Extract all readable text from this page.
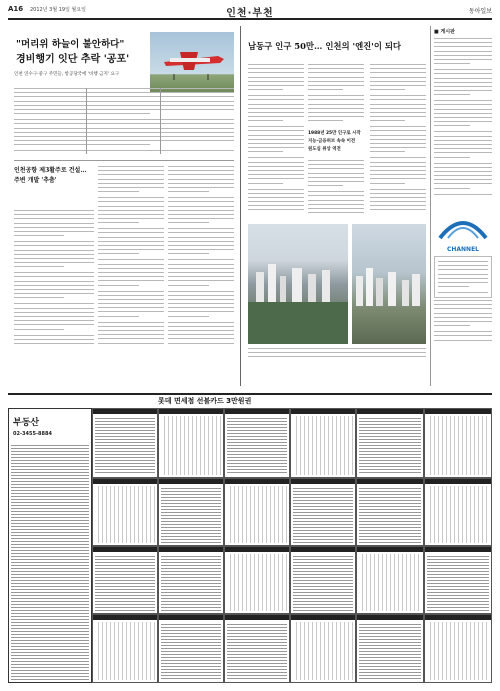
A16 2012년 3월 19일 월요일	인천·부천	동아일보
"머리위 하늘이 불안하다"
경비행기 잇단 추락 '공포'
인천 연수구·중구 주민들, 항공당국에 '비행 금지' 요구
인천공항 제3활주로 건설… 주변 개발 '추춤'
남동구 인구 50만… 인천의 '엔진'이 되다
1988년 25만 인구로 시작
지능·금융허브 속속 이전
원도심 위상 역전
■ 게시판
CHANNEL
롯데 면세점 선불카드 3만원권
부동산
02-3455-8884
